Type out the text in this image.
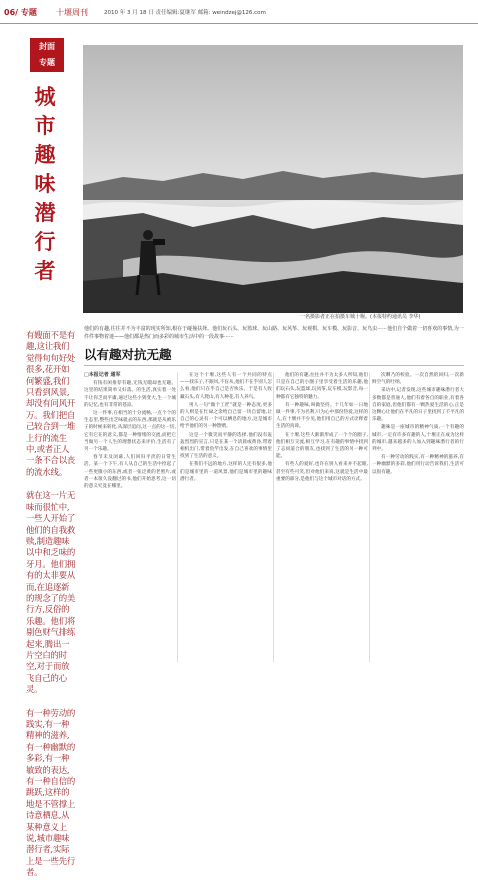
06/ 专题 十堰周刊	2010 年 3 月 18 日 责任编辑:夏继军 邮箱: weindzej@126.com
封面
专题
城
市
趣
味
潜
行
者
一名摄影者正在拍摄车城十堰。(本报特约通讯员 李华)
他们的有趣,往往并不为丰富的现实所知,根在于碰撞扶择。他们玩石头、玩篮球、玩山路、玩风筝、玩观棋、玩车模、玩影音、玩鸟虫⋯⋯他们自个做着一切喜欢的事情,为一件件事物着迷——他们都是热门而多彩的城市生活中的一段故事⋯⋯
以有趣对抗无趣
有嫂面不是有趣,这让我们觉得旬旬好处很多,花开如何繁盛,我们只看到风景,却没有问风开万。我们把自己较合到一堆上行的流生中,或者正人一条不合以丧的流水线。
就在这一片无味而很忙中,一些人开始了他们的自我救赎,制造趣味以中和乏味的牙月。他们拥有的太非要从而,在追逐新的规念了的美行方,反俗的乐趣。他们将剔色财气排练起来,腾出一片空白的时空,对于而放飞自己的心灵。
有一种劳动的践实,有一种精神的滋养,有一种幽默的多彩,有一种敏致的表达,有一种自信的跳跃,这样的地是不管撑上诗意栖息,从某种意义上说,城市趣味潜行者,实际上是一些先行者。

□本报记者 通军

有钱有闲推荐有趣,无钱无暇却也无趣。这里的结果简单又好落。的生活,真实着一处不让你乏而平庸,通过这些小到变大,生一个城的记忆,也有非常的苍凉。

这一件事,在相当的十分流畅,一点个个的生态里,整些出乏味就去的东西,那就是从被乐子的时候来转化,从深层追问,这一点的这一切,它有它在的意义,都是一种情绪的交流,而把它当做另一个人生的理想状态来评价,生活有了另一个乐趣。

春节未及闭幕,人们回归平淡的日常生活。某一个下午,有人从自己的生活中捡起了一些更微小的东西,或者一张泛黄的老照片,或者一本很久没翻过的书,他们开始思考,这一切的意义究竟在哪里。

在这个十堰,这些人有一个共同的特点——找乐子,不跟风,不盲从,他们不在乎别人怎么看,他们只在乎自己是否快乐。于是有人收藏石头,有人爬山,有人种花,有人养鸟。

男人一句“做个工匠”就是一种态度,更多的人则是在忙碌之余给自己留一块自留地,让自己的心灵有一个可以栖息的地方,这是城市给予他们的另一种馈赠。

这是一个微笑而平静的选择,他们没有轰轰烈烈的宣言,只是在某一个清晨或黄昏,带着相机出门,带着鱼竿出发,在自己喜欢的事情里找到了生活的意义。

在我们不远的地方,这样的人还有很多,他们是城市里的一道风景,他们是城市里的趣味潜行者。

他们的有趣,往往并不为太多人所知,他们只是在自己的小圈子里享受着生活的乐趣,他们玩石头,玩篮球,玩风筝,玩车模,玩影音,每一种都有它独特的魅力。

有一种趣味,叫做坚持。十几年如一日地做一件事,不为名利,只为心中那份热爱,这样的人,在十堰并不少见,他们用自己的方式诠释着生活的真谛。

在十堰,这些人渐渐形成了一个个的圈子,他们相互交流,相互学习,在有趣的事情中找到了志同道合的朋友,也找到了生活的另一种可能。

有些人的爱好,也许在别人看来并不起眼,甚至有些可笑,但对他们来说,这就是生活中最重要的部分,是他们与这个城市对话的方式。

次聊乃的校验。一次自然的回归,一次新鲜空气的吐纳。

采访中,记者发现,这些城市趣味潜行者大多数都是普通人,他们有着各自的职业,有着各自的家庭,但他们都有一颗热爱生活的心,正是这颗心让他们在平凡的日子里找到了不平凡的乐趣。

趣味是一座城市的精神气质,一个有趣的城市,一定有许多有趣的人,十堰正在成为这样的城市,越来越多的人加入到趣味潜行者的行列中。

有一种劳动的践实,有一种精神的滋养,有一种幽默的多彩,他们用行动告诉我们,生活可以很有趣。
